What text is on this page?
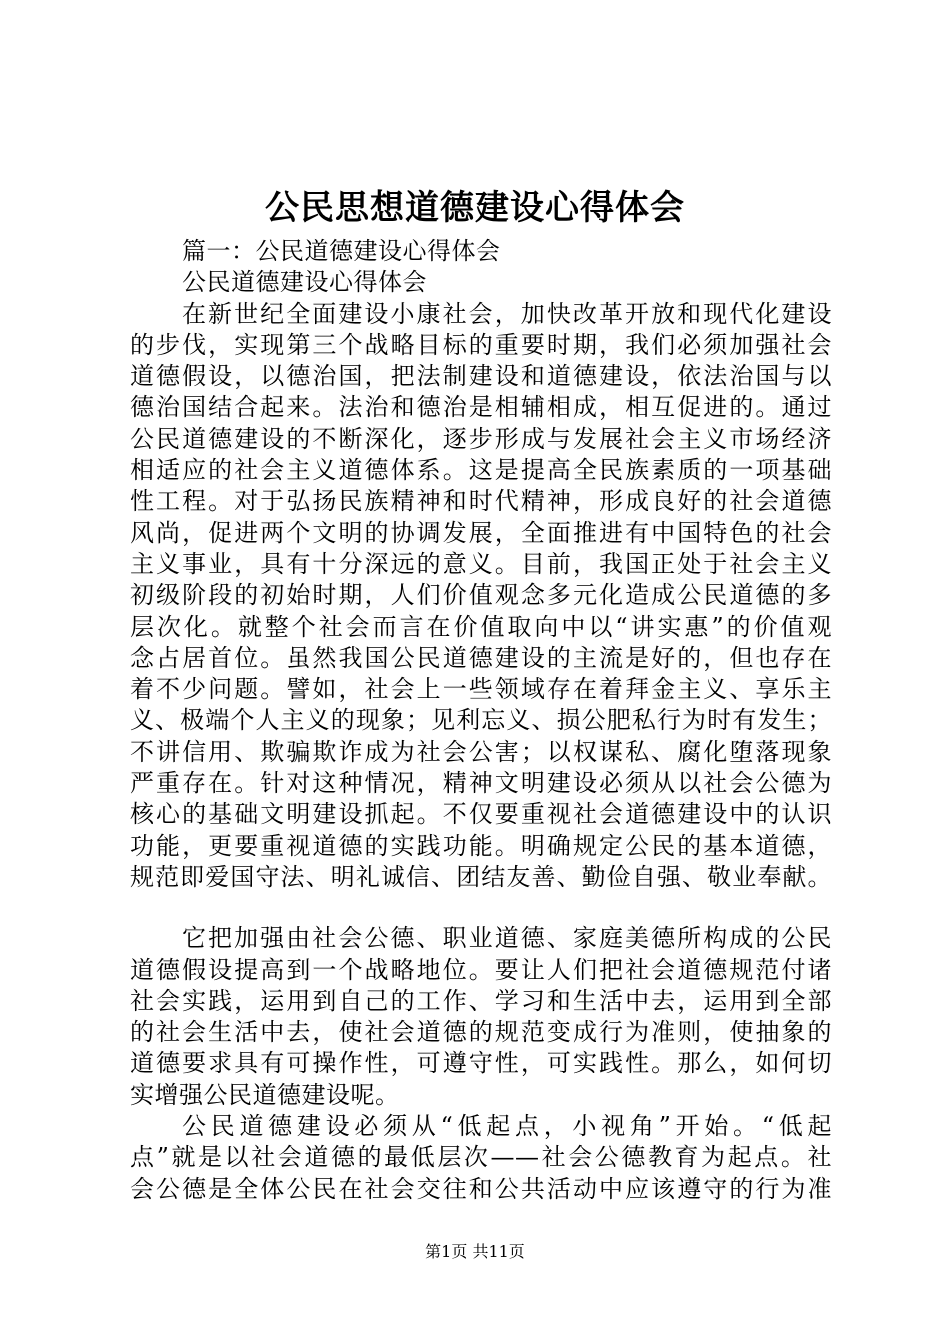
公民思想道德建设心得体会
篇一：公民道德建设心得体会
公民道德建设心得体会
在新世纪全面建设小康社会，加快改革开放和现代化建设
的步伐，实现第三个战略目标的重要时期，我们必须加强社会
道德假设，以德治国，把法制建设和道德建设，依法治国与以
德治国结合起来。法治和德治是相辅相成，相互促进的。通过
公民道德建设的不断深化，逐步形成与发展社会主义市场经济
相适应的社会主义道德体系。这是提高全民族素质的一项基础
性工程。对于弘扬民族精神和时代精神，形成良好的社会道德
风尚，促进两个文明的协调发展，全面推进有中国特色的社会
主义事业，具有十分深远的意义。目前，我国正处于社会主义
初级阶段的初始时期，人们价值观念多元化造成公民道德的多
层次化。就整个社会而言在价值取向中以“讲实惠”的价值观
念占居首位。虽然我国公民道德建设的主流是好的，但也存在
着不少问题。譬如，社会上一些领域存在着拜金主义、享乐主
义、极端个人主义的现象；见利忘义、损公肥私行为时有发生；
不讲信用、欺骗欺诈成为社会公害；以权谋私、腐化堕落现象
严重存在。针对这种情况，精神文明建设必须从以社会公德为
核心的基础文明建设抓起。不仅要重视社会道德建设中的认识
功能，更要重视道德的实践功能。明确规定公民的基本道德，
规范即爱国守法、明礼诚信、团结友善、勤俭自强、敬业奉献。
它把加强由社会公德、职业道德、家庭美德所构成的公民
道德假设提高到一个战略地位。要让人们把社会道德规范付诸
社会实践，运用到自己的工作、学习和生活中去，运用到全部
的社会生活中去，使社会道德的规范变成行为准则，使抽象的
道德要求具有可操作性，可遵守性，可实践性。那么，如何切
实增强公民道德建设呢。
公民道德建设必须从“低起点，小视角”开始。“低起
点”就是以社会道德的最低层次——社会公德教育为起点。社
会公德是全体公民在社会交往和公共活动中应该遵守的行为准
第1页 共11页
